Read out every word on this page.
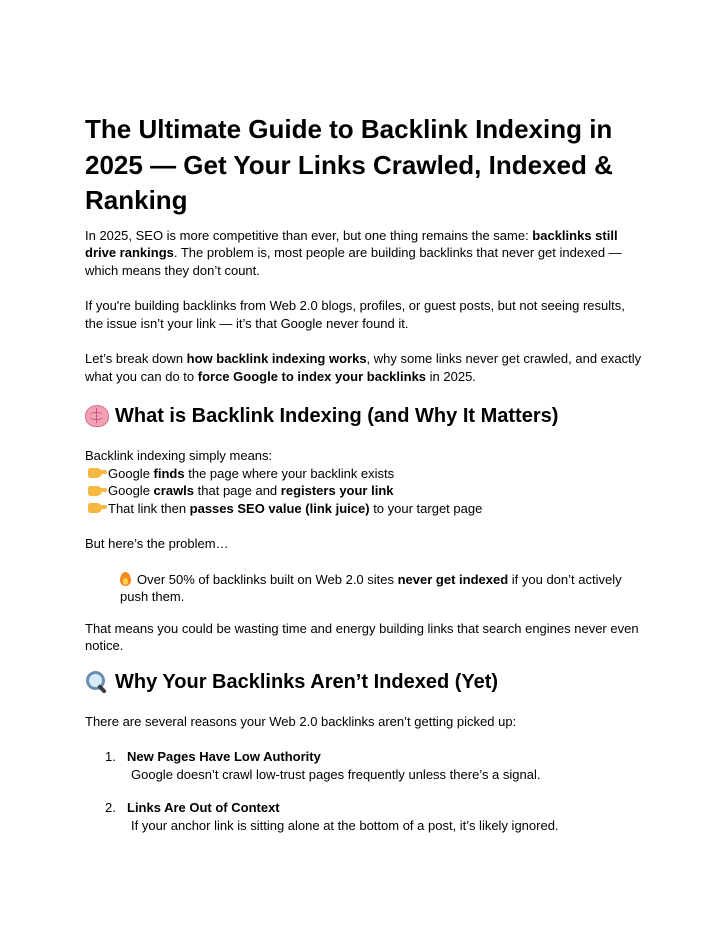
The Ultimate Guide to Backlink Indexing in 2025 — Get Your Links Crawled, Indexed & Ranking

In 2025, SEO is more competitive than ever, but one thing remains the same: backlinks still drive rankings. The problem is, most people are building backlinks that never get indexed — which means they don’t count.

If you're building backlinks from Web 2.0 blogs, profiles, or guest posts, but not seeing results, the issue isn’t your link — it’s that Google never found it.

Let’s break down how backlink indexing works, why some links never get crawled, and exactly what you can do to force Google to index your backlinks in 2025.

What is Backlink Indexing (and Why It Matters)

Backlink indexing simply means:

Google finds the page where your backlink exists
Google crawls that page and registers your link
That link then passes SEO value (link juice) to your target page

But here’s the problem…

Over 50% of backlinks built on Web 2.0 sites never get indexed if you don’t actively push them.

That means you could be wasting time and energy building links that search engines never even notice.

Why Your Backlinks Aren’t Indexed (Yet)

There are several reasons your Web 2.0 backlinks aren’t getting picked up:

1. New Pages Have Low Authority
Google doesn’t crawl low-trust pages frequently unless there’s a signal.
2. Links Are Out of Context
If your anchor link is sitting alone at the bottom of a post, it’s likely ignored.
